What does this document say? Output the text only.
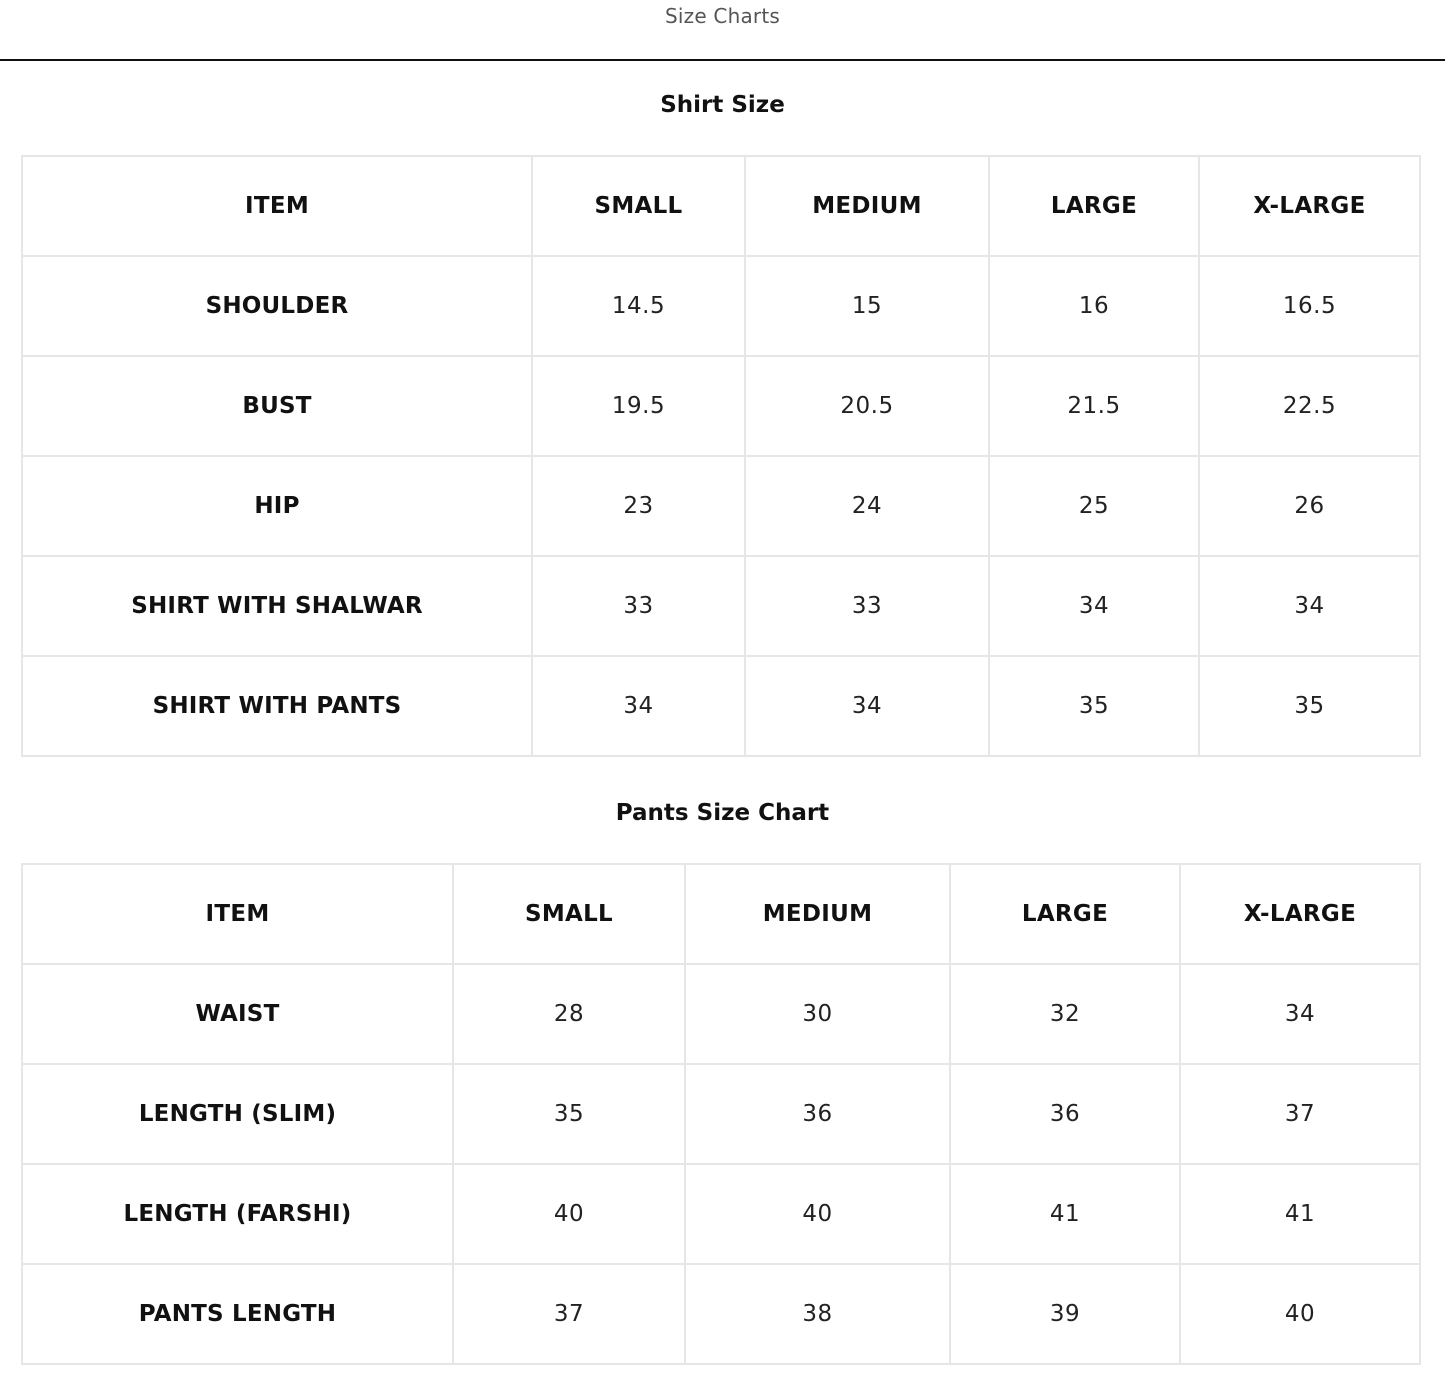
Size Charts
Shirt Size
ITEM	SMALL	MEDIUM	LARGE	X-LARGE
SHOULDER	14.5	15	16	16.5
BUST	19.5	20.5	21.5	22.5
HIP	23	24	25	26
SHIRT WITH SHALWAR	33	33	34	34
SHIRT WITH PANTS	34	34	35	35
Pants Size Chart
ITEM	SMALL	MEDIUM	LARGE	X-LARGE
WAIST	28	30	32	34
LENGTH (SLIM)	35	36	36	37
LENGTH (FARSHI)	40	40	41	41
PANTS LENGTH	37	38	39	40
